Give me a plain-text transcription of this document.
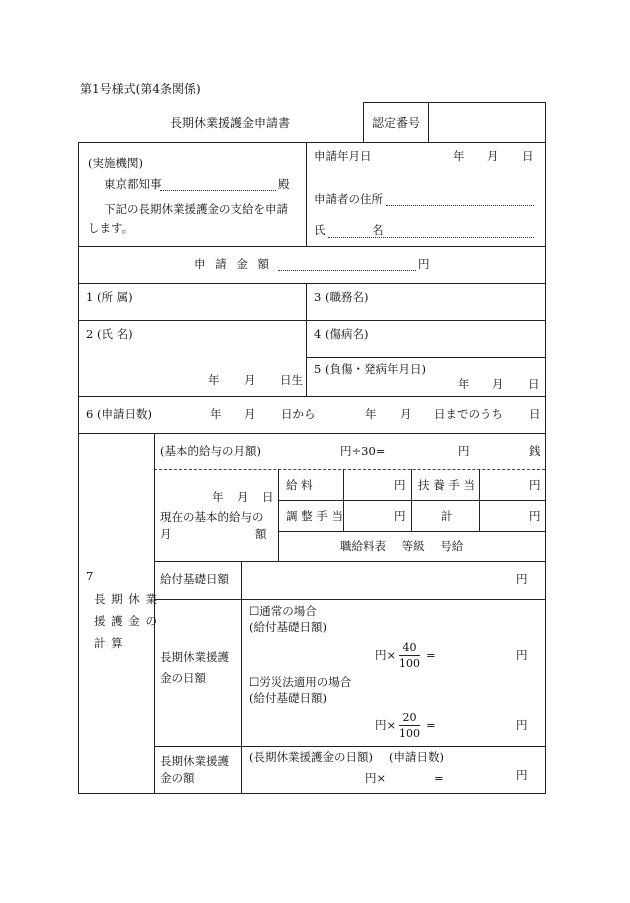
第1号様式(第4条関係)
長期休業援護金申請書	認定番号
(実施機関)
東京都知事	殿
下記の長期休業援護金の支給を申請
します。
申請年月日	年 月 日
申請者の住所
氏	名
申 請 金 額	円
1 (所 属)	3 (職務名)
2 (氏 名)	4 (傷病名)
年 月 日生
5 (負傷・発病年月日)
年 月 日
6 (申請日数)	年 月 日から	年 月 日までのうち 日
7
長 期 休 業
援 護 金 の
計 算
(基本的給与の月額)	円÷30=	円	銭
年 月 日
現在の基本的給与の
月	額
給 料	円 扶 養 手 当	円
調 整 手 当	円	計	円
職給料表 等級 号給
給付基礎日額	円
長期休業援護
金の日額
☐通常の場合
(給付基礎日額)
円× $\frac{40}{100}$ =	円
☐労災法適用の場合
(給付基礎日額)
円× $\frac{20}{100}$ =	円
長期休業援護
金の額
(長期休業援護金の日額) (申請日数)
円×	=	円
